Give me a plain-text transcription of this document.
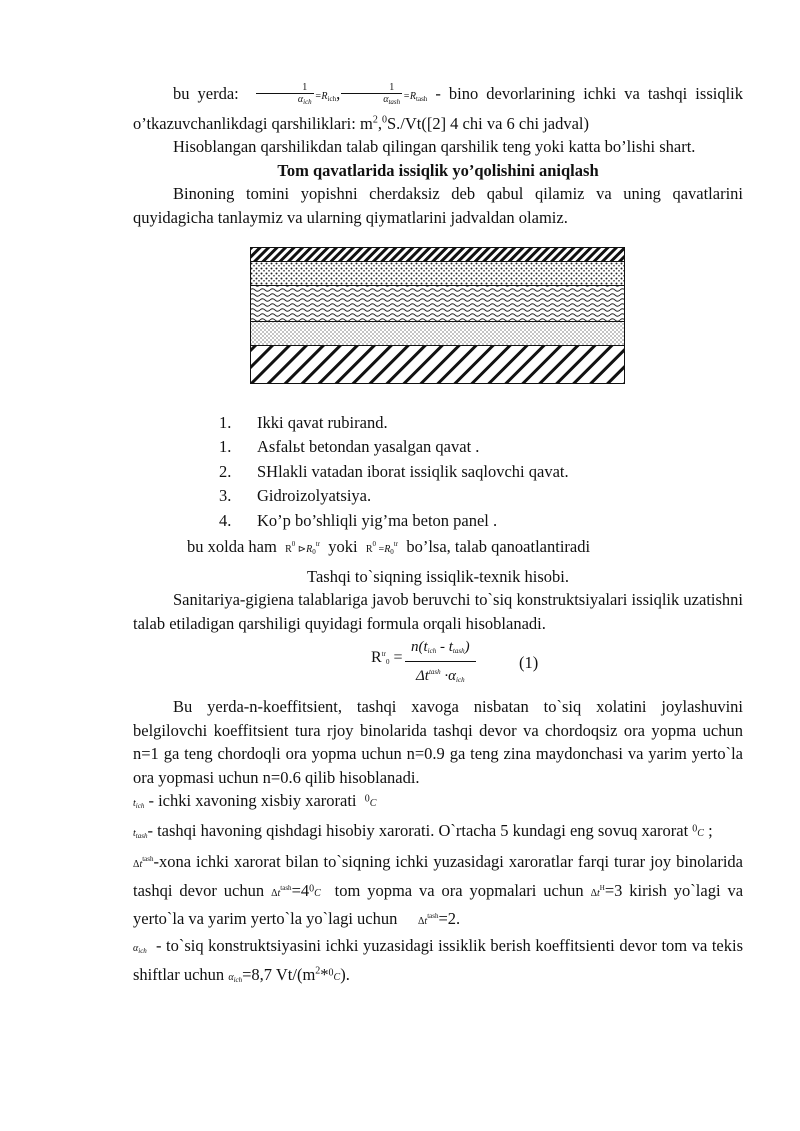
bu yerda: $\frac{1}{\alpha_{ich}}$ =Rich, $\frac{1}{\alpha_{tash}}$ =Rtash - bino devorlarining ichki va tashqi issiqlik o’tkazuvchanlikdagi qarshiliklari: $m^2,^0S./Vt([2]$ 4 chi va 6 chi jadval)

Hisoblangan qarshilikdan talab qilingan qarshilik teng yoki katta bo’lishi shart.

Tom qavatlarida issiqlik yo’qolishini aniqlash

Binoning tomini yopishni cherdaksiz deb qabul qilamiz va uning qavatlarini quyidagicha tanlaymiz va ularning qiymatlarini jadvaldan olamiz.

1. Ikki qavat rubirand.
1. Asfalьt betondan yasalgan qavat .
2. SHlakli vatadan iborat issiqlik saqlovchi qavat.
3. Gidroizolyatsiya.
4. Ko’p bo’shliqli yig’ma beton panel .

bu xolda ham $R^0$ $⊳R_0^{tr}$ yoki $R^0 =R_0^{tr}$ bo’lsa, talab qanoatlantiradi

Tashqi to`siqning issiqlik-texnik hisobi.

Sanitariya-gigiena talablariga javob beruvchi to`siq konstruktsiyalari issiqlik uzatishni talab etiladigan qarshiligi quyidagi formula orqali hisoblanadi.

$R^{tr}0$ =
n(tich - ttash)
$\Delta t^{tash} \cdot\alpha ich$
(1)

Bu yerda-n-koeffitsient, tashqi xavoga nisbatan to`siq xolatini joylashuvini belgilovchi koeffitsient tura rjoy binolarida tashqi devor va chordoqsiz ora yopma uchun n=1 ga teng chordoqli ora yopma uchun n=0.9 ga teng zina maydonchasi va yarim yerto`la ora yopmasi uchun n=0.6 qilib hisoblanadi.

$t_{ich}$ - ichki xavoning xisbiy xarorati $^0$C

$t_{tash}-$ tashqi havoning qishdagi hisobiy xarorati. O`rtacha 5 kundagi eng sovuq xarorat $^0$C ;

$\Delta t^{tash}$-xona ichki xarorat bilan to`siqning ichki yuzasidagi xaroratlar farqi turar joy binolarida tashqi devor uchun $\Delta t^{tash}=4^0C$ tom yopma va ora yopmalari uchun $\Delta t^H=3$ kirish yo`lagi va yerto`la va yarim yerto`la yo`lagi uchun $\Delta t^{tash}=2$.

$\alpha_{ich}$ - to`siq konstruktsiyasini ichki yuzasidagi issiklik berish koeffitsienti devor tom va tekis shiftlar uchun $\alpha_{ich}=8,7$ $Vt/(m^2*^0C)$.
